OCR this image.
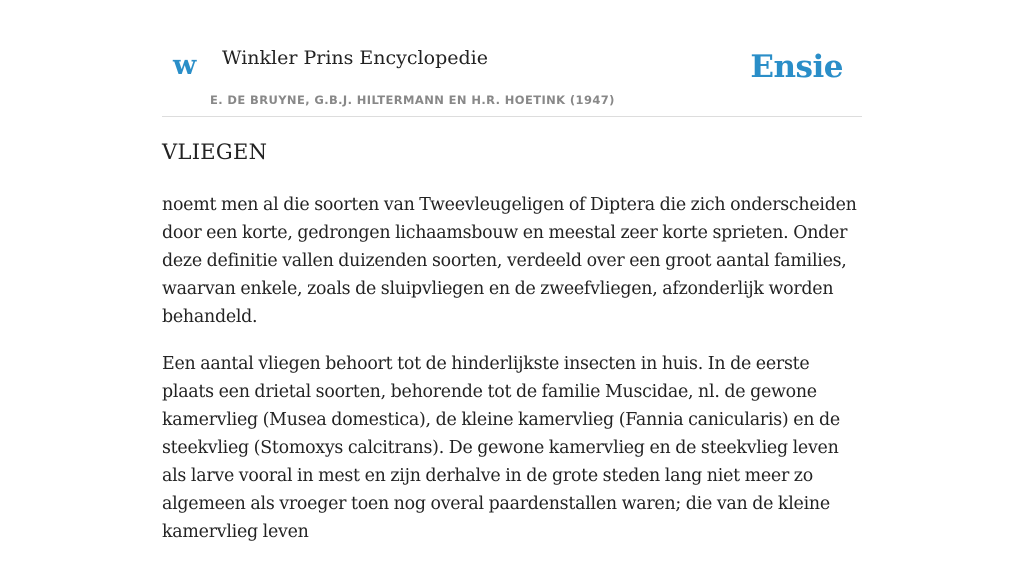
w Winkler Prins Encyclopedie
E. DE BRUYNE, G.B.J. HILTERMANN EN H.R. HOETINK (1947)
Ensie
VLIEGEN

noemt men al die soorten van Tweevleugeligen of Diptera die zich onderscheiden door een korte, gedrongen lichaamsbouw en meestal zeer korte sprieten. Onder deze definitie vallen duizenden soorten, verdeeld over een groot aantal families, waarvan enkele, zoals de sluipvliegen en de zweefvliegen, afzonderlijk worden behandeld.

Een aantal vliegen behoort tot de hinderlijkste insecten in huis. In de eerste plaats een drietal soorten, behorende tot de familie Muscidae, nl. de gewone kamervlieg (Musea domestica), de kleine kamervlieg (Fannia canicularis) en de steekvlieg (Stomoxys calcitrans). De gewone kamervlieg en de steekvlieg leven als larve vooral in mest en zijn derhalve in de grote steden lang niet meer zo algemeen als vroeger toen nog overal paardenstallen waren; die van de kleine kamervlieg leven
